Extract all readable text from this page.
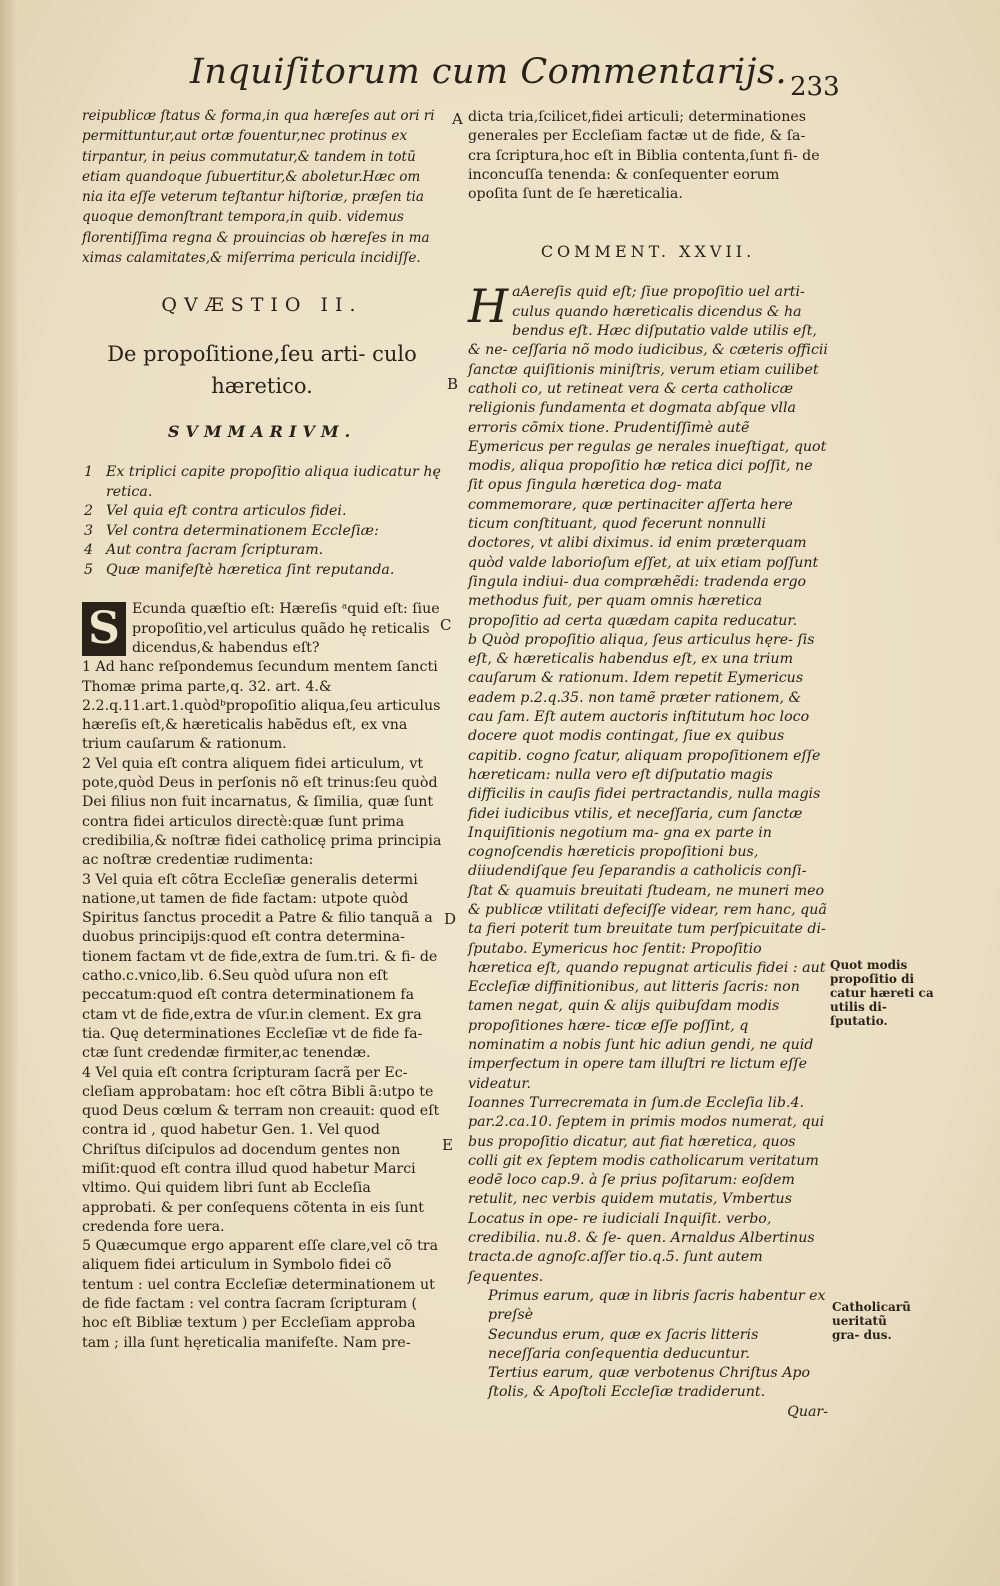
Inquiſitorum cum Commentarijs. 233

reipublicæ ſtatus & forma,in qua hæreſes aut ori ri permittuntur,aut ortæ fouentur,nec protinus ex tirpantur, in peius commutatur,& tandem in totũ etiam quandoque ſubuertitur,& aboletur.Hæc om nia ita eſſe veterum teſtantur hiſtoriæ, præſen tia quoque demonſtrant tempora,in quib. videmus florentiſſima regna & prouincias ob hæreſes in ma ximas calamitates,& miſerrima pericula incidiſſe.

QVÆSTIO II.
De propoſitione,ſeu arti- culo hæretico.
SVMMARIVM.
1 Ex triplici capite propoſitio aliqua iudicatur hę retica.
2 Vel quia eſt contra articulos fidei.
3 Vel contra determinationem Eccleſiæ:
4 Aut contra ſacram ſcripturam.
5 Quæ manifeſtè hæretica ſint reputanda.
S Ecunda quæſtio eſt: Hæreſis ᵃquid eſt: ſiue propoſitio,vel articulus quãdo hę reticalis dicendus,& habendus eſt?

1 Ad hanc reſpondemus ſecundum mentem ſancti Thomæ prima parte,q. 32. art. 4.& 2.2.q.11.art.1.quòdᵇpropoſitio aliqua,ſeu articulus hæreſis eſt,& hæreticalis habẽdus eſt, ex vna trium cauſarum & rationum.

2 Vel quia eſt contra aliquem fidei articulum, vt pote,quòd Deus in perſonis nõ eſt trinus:ſeu quòd Dei filius non fuit incarnatus, & ſimilia, quæ ſunt contra fidei articulos directè:quæ ſunt prima credibilia,& noſtræ fidei catholicę prima principia ac noſtræ credentiæ rudimenta:

3 Vel quia eſt cõtra Eccleſiæ generalis determi natione,ut tamen de fide factam: utpote quòd Spiritus ſanctus procedit a Patre & filio tanquã a duobus principijs:quod eſt contra determina- tionem factam vt de fide,extra de ſum.tri. & fi- de catho.c.vnico,lib. 6.Seu quòd uſura non eſt peccatum:quod eſt contra determinationem fa ctam vt de fide,extra de vſur.in clement. Ex gra tia. Quę determinationes Eccleſiæ vt de fide fa- ctæ ſunt credendæ firmiter,ac tenendæ.

4 Vel quia eſt contra ſcripturam ſacrã per Ec- cleſiam approbatam: hoc eſt cõtra Bibli ã:utpo te quod Deus cœlum & terram non creauit: quod eſt contra id , quod habetur Gen. 1. Vel quod Chriſtus diſcipulos ad docendum gentes non miſit:quod eſt contra illud quod habetur Marci vltimo. Qui quidem libri ſunt ab Eccleſia approbati. & per conſequens cõtenta in eis ſunt credenda fore uera.

5 Quæcumque ergo apparent eſſe clare,vel cõ tra aliquem fidei articulum in Symbolo fidei cõ tentum : uel contra Eccleſiæ determinationem ut de fide factam : vel contra ſacram ſcripturam ( hoc eſt Bibliæ textum ) per Eccleſiam approba tam ; illa ſunt hęreticalia manifeſte. Nam pre-

A
B
C
D
E

dicta tria,ſcilicet,fidei articuli; determinationes generales per Eccleſiam factæ ut de fide, & ſa- cra ſcriptura,hoc eſt in Biblia contenta,ſunt fi- de inconcuſſa tenenda: & conſequenter eorum opoſita ſunt de ſe hæreticalia.

COMMENT. XXVII.

a
H Aereſis quid eſt; ſiue propoſitio uel arti- culus quando hæreticalis dicendus & ha bendus eſt. Hæc diſputatio valde utilis eſt, & ne- ceſſaria nõ modo iudicibus, & cæteris officii ſanctæ quiſitionis miniſtris, verum etiam cuilibet catholi co, ut retineat vera & certa catholicæ religionis fundamenta et dogmata abſque vlla erroris cõmix tione. Prudentiſſimè autẽ Eymericus per regulas ge nerales inueſtigat, quot modis, aliqua propoſitio hæ retica dici poſſit, ne ſit opus ſingula hæretica dog- mata commemorare, quæ pertinaciter aſſerta here ticum conſtituant, quod fecerunt nonnulli doctores, vt alibi diximus. id enim præterquam quòd valde laborioſum eſſet, at uix etiam poſſunt ſingula indiui- dua compræhẽdi: tradenda ergo methodus fuit, per quam omnis hæretica propoſitio ad certa quædam capita reducatur.

b Quòd propoſitio aliqua, ſeus articulus hęre- ſis eſt, & hæreticalis habendus eſt, ex una trium cauſarum & rationum. Idem repetit Eymericus eadem p.2.q.35. non tamẽ præter rationem, & cau ſam. Eſt autem auctoris inſtitutum hoc loco docere quot modis contingat, ſiue ex quibus capitib. cogno ſcatur, aliquam propoſitionem eſſe hæreticam: nulla vero eſt diſputatio magis difficilis in cauſis fidei pertractandis, nulla magis fidei iudicibus vtilis, et neceſſaria, cum ſanctæ Inquiſitionis negotium ma- gna ex parte in cognoſcendis hæreticis propoſitioni bus, diiudendiſque ſeu ſeparandis a catholicis conſi- ſtat & quamuis breuitati ſtudeam, ne muneri meo & publicæ vtilitati defeciſſe videar, rem hanc, quã ta fieri poterit tum breuitate tum perſpicuitate di- ſputabo. Eymericus hoc ſentit: Propoſitio hæretica eſt, quando repugnat articulis fidei : aut Eccleſiæ diffinitionibus, aut litteris ſacris: non tamen negat, quin & alijs quibuſdam modis propoſitiones hære- ticæ eſſe poſſint, q nominatim a nobis ſunt hic adiun gendi, ne quid imperfectum in opere tam illuſtri re lictum eſſe videatur.

Ioannes Turrecremata in ſum.de Eccleſia lib.4. par.2.ca.10. ſeptem in primis modos numerat, qui bus propoſitio dicatur, aut fiat hæretica, quos colli git ex ſeptem modis catholicarum veritatum eodẽ loco cap.9. à ſe prius poſitarum: eoſdem retulit, nec verbis quidem mutatis, Vmbertus Locatus in ope- re iudiciali Inquiſit. verbo, credibilia. nu.8. & ſe- quen. Arnaldus Albertinus tracta.de agnoſc.aſſer tio.q.5. ſunt autem ſequentes.

Primus earum, quæ in libris ſacris habentur ex preſsè

Secundus erum, quæ ex ſacris litteris neceſſaria conſequentia deducuntur.

Tertius earum, quæ verbotenus Chriſtus Apo ſtolis, & Apoſtoli Eccleſiæ tradiderunt.

Quar-

Quot modis propoſitio di catur hæreti ca utilis di- ſputatio.
Catholicarũ ueritatũ gra- dus.
